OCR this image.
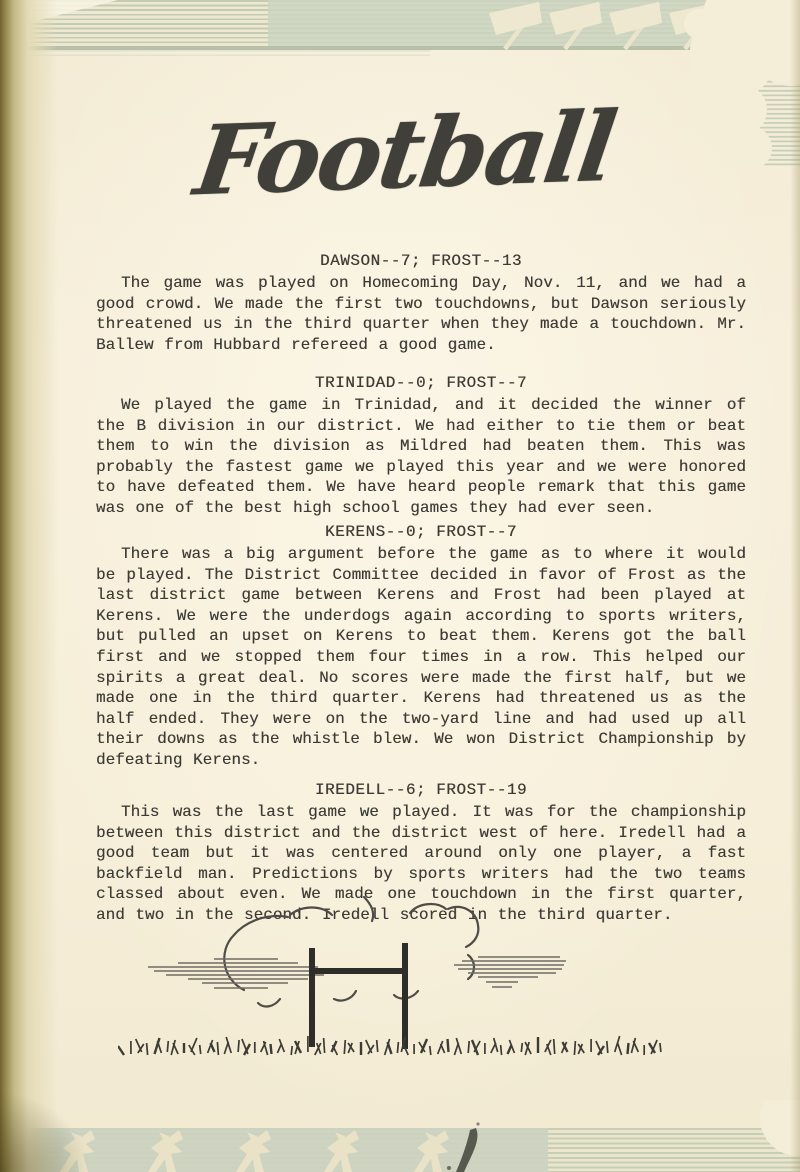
Football
DAWSON--7; FROST--13

The game was played on Homecoming Day, Nov. 11, and we had a good crowd. We made the first two touchdowns, but Dawson seriously threatened us in the third quarter when they made a touchdown. Mr. Ballew from Hubbard refereed a good game.

TRINIDAD--0; FROST--7

We played the game in Trinidad, and it decided the winner of the B division in our district. We had either to tie them or beat them to win the division as Mildred had beaten them. This was probably the fastest game we played this year and we were honored to have defeated them. We have heard people remark that this game was one of the best high school games they had ever seen.

KERENS--0; FROST--7

There was a big argument before the game as to where it would be played. The District Committee decided in favor of Frost as the last district game between Kerens and Frost had been played at Kerens. We were the underdogs again according to sports writers, but pulled an upset on Kerens to beat them. Kerens got the ball first and we stopped them four times in a row. This helped our spirits a great deal. No scores were made the first half, but we made one in the third quarter. Kerens had threatened us as the half ended. They were on the two-yard line and had used up all their downs as the whistle blew. We won District Championship by defeating Kerens.

IREDELL--6; FROST--19

This was the last game we played. It was for the championship between this district and the district west of here. Iredell had a good team but it was centered around only one player, a fast backfield man. Predictions by sports writers had the two teams classed about even. We made one touchdown in the first quarter, and two in the second. Iredell scored in the third quarter.
